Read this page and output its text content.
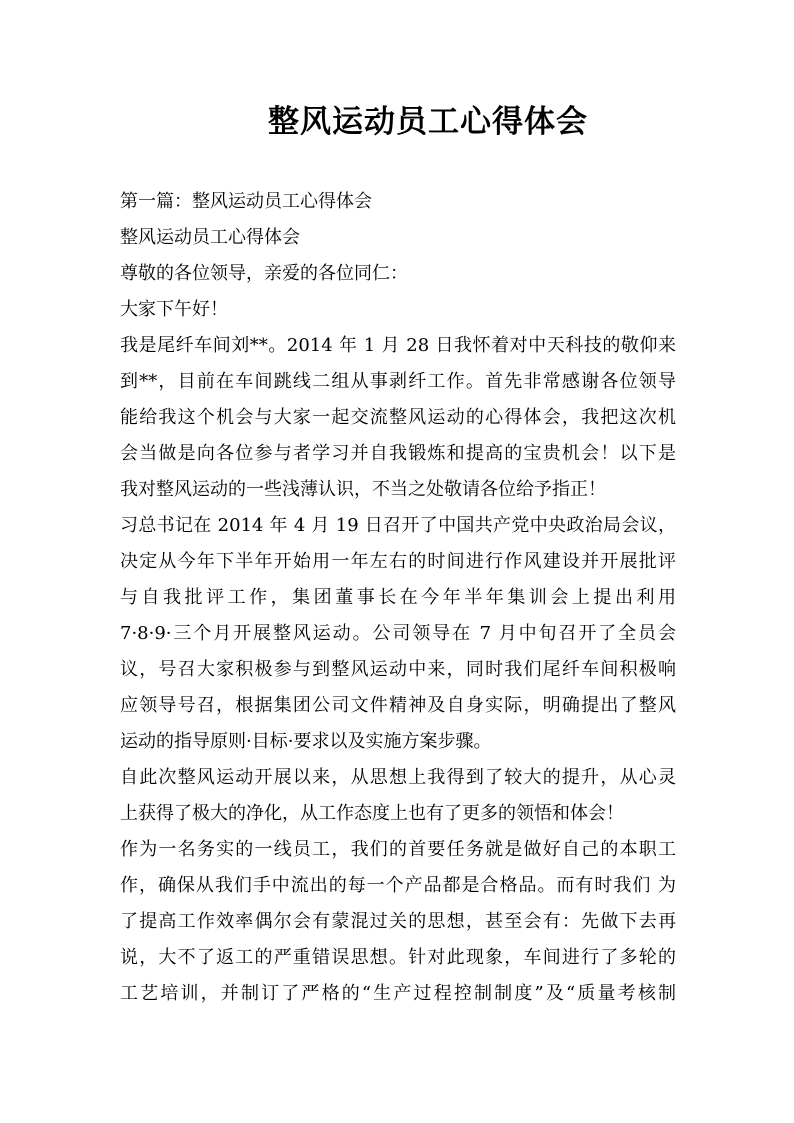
整风运动员工心得体会
第一篇：整风运动员工心得体会
整风运动员工心得体会
尊敬的各位领导，亲爱的各位同仁：
大家下午好！
我是尾纤车间刘**。2014 年 1 月 28 日我怀着对中天科技的敬仰来
到**，目前在车间跳线二组从事剥纤工作。首先非常感谢各位领导
能给我这个机会与大家一起交流整风运动的心得体会，我把这次机
会当做是向各位参与者学习并自我锻炼和提高的宝贵机会！以下是
我对整风运动的一些浅薄认识，不当之处敬请各位给予指正！
习总书记在 2014 年 4 月 19 日召开了中国共产党中央政治局会议，
决定从今年下半年开始用一年左右的时间进行作风建设并开展批评
与自我批评工作，集团董事长在今年半年集训会上提出利用
7·8·9·三个月开展整风运动。公司领导在 7 月中旬召开了全员会
议，号召大家积极参与到整风运动中来，同时我们尾纤车间积极响
应领导号召，根据集团公司文件精神及自身实际，明确提出了整风
运动的指导原则·目标·要求以及实施方案步骤。
自此次整风运动开展以来，从思想上我得到了较大的提升，从心灵
上获得了极大的净化，从工作态度上也有了更多的领悟和体会！
作为一名务实的一线员工，我们的首要任务就是做好自己的本职工
作，确保从我们手中流出的每一个产品都是合格品。而有时我们 为
了提高工作效率偶尔会有蒙混过关的思想，甚至会有：先做下去再
说，大不了返工的严重错误思想。针对此现象，车间进行了多轮的
工艺培训，并制订了严格的“生产过程控制制度”及“质量考核制
